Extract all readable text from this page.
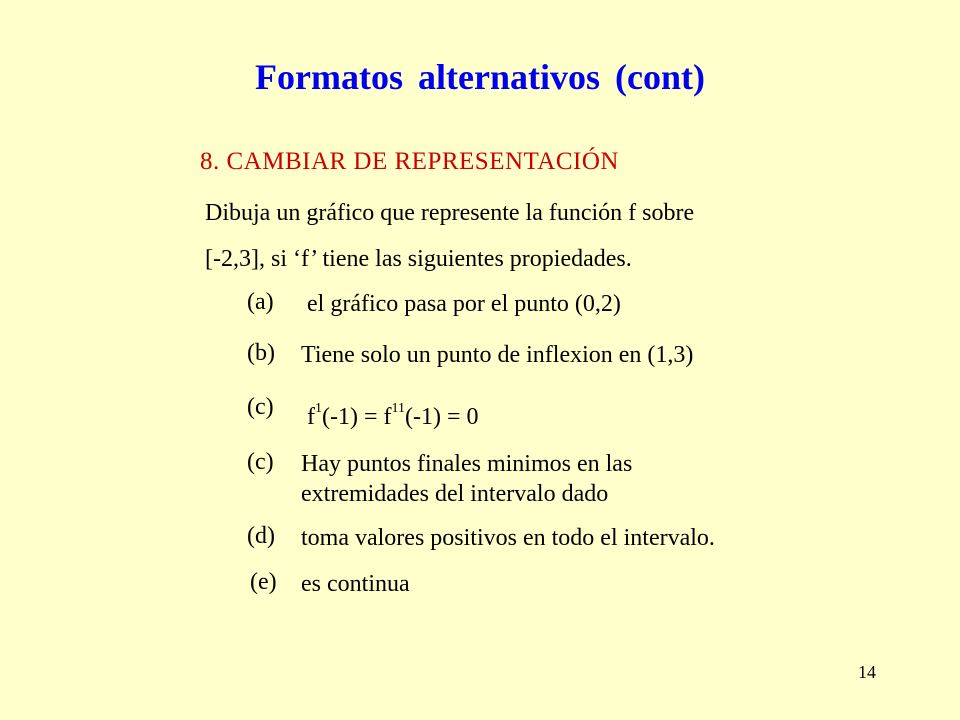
Formatos alternativos (cont)
8. CAMBIAR DE REPRESENTACIÓN
Dibuja un gráfico que represente la función f sobre
[-2,3], si ‘f’ tiene las siguientes propiedades.
(a) el gráfico pasa por el punto (0,2)
(b) Tiene solo un punto de inflexion en (1,3)
(c) $f^1(-1) = f^{11}(-1) = 0$
(c) Hay puntos finales minimos en las
extremidades del intervalo dado
(d) toma valores positivos en todo el intervalo.
(e) es continua
14
